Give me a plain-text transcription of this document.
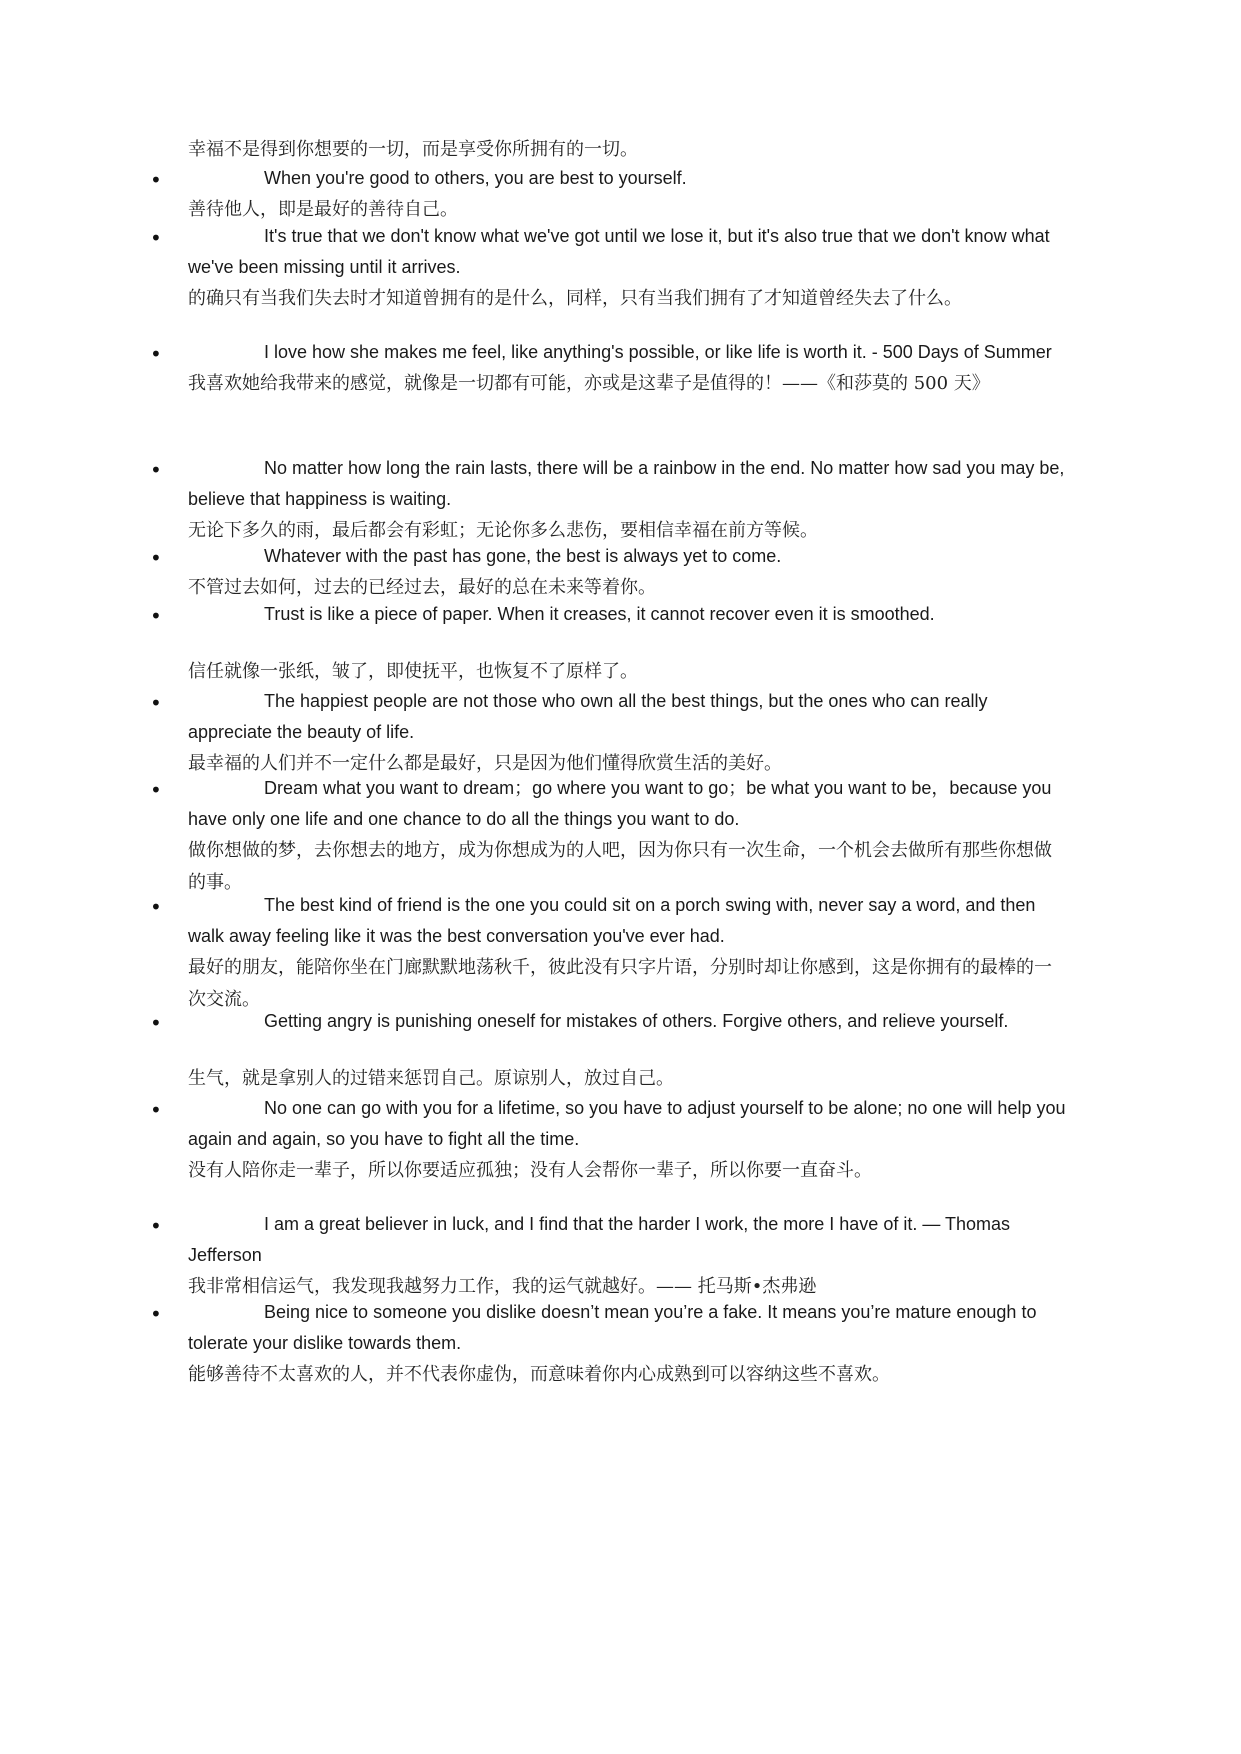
幸福不是得到你想要的一切，而是享受你所拥有的一切。
•
When you're good to others, you are best to yourself.
善待他人，即是最好的善待自己。
•
It's true that we don't know what we've got until we lose it, but it's also true that we don't know what we've been missing until it arrives.
的确只有当我们失去时才知道曾拥有的是什么，同样，只有当我们拥有了才知道曾经失去了什么。
•
I love how she makes me feel, like anything's possible, or like life is worth it. - 500 Days of Summer
我喜欢她给我带来的感觉，就像是一切都有可能，亦或是这辈子是值得的！——《和莎莫的 500 天》
•
No matter how long the rain lasts, there will be a rainbow in the end. No matter how sad you may be, believe that happiness is waiting.
无论下多久的雨，最后都会有彩虹；无论你多么悲伤，要相信幸福在前方等候。
•
Whatever with the past has gone, the best is always yet to come.
不管过去如何，过去的已经过去，最好的总在未来等着你。
•
Trust is like a piece of paper. When it creases, it cannot recover even it is smoothed.
信任就像一张纸，皱了，即使抚平，也恢复不了原样了。
•
The happiest people are not those who own all the best things, but the ones who can really appreciate the beauty of life.
最幸福的人们并不一定什么都是最好，只是因为他们懂得欣赏生活的美好。
•
Dream what you want to dream；go where you want to go；be what you want to be，because you have only one life and one chance to do all the things you want to do.
做你想做的梦，去你想去的地方，成为你想成为的人吧，因为你只有一次生命，一个机会去做所有那些你想做的事。
•
The best kind of friend is the one you could sit on a porch swing with, never say a word, and then walk away feeling like it was the best conversation you've ever had.
最好的朋友，能陪你坐在门廊默默地荡秋千，彼此没有只字片语，分别时却让你感到，这是你拥有的最棒的一次交流。
•
Getting angry is punishing oneself for mistakes of others. Forgive others, and relieve yourself.
生气，就是拿别人的过错来惩罚自己。原谅别人，放过自己。
•
No one can go with you for a lifetime, so you have to adjust yourself to be alone; no one will help you again and again, so you have to fight all the time.
没有人陪你走一辈子，所以你要适应孤独；没有人会帮你一辈子，所以你要一直奋斗。
•
I am a great believer in luck, and I find that the harder I work, the more I have of it. — Thomas Jefferson
我非常相信运气，我发现我越努力工作，我的运气就越好。—— 托马斯•杰弗逊
•
Being nice to someone you dislike doesn’t mean you’re a fake. It means you’re mature enough to tolerate your dislike towards them.
能够善待不太喜欢的人，并不代表你虚伪，而意味着你内心成熟到可以容纳这些不喜欢。
